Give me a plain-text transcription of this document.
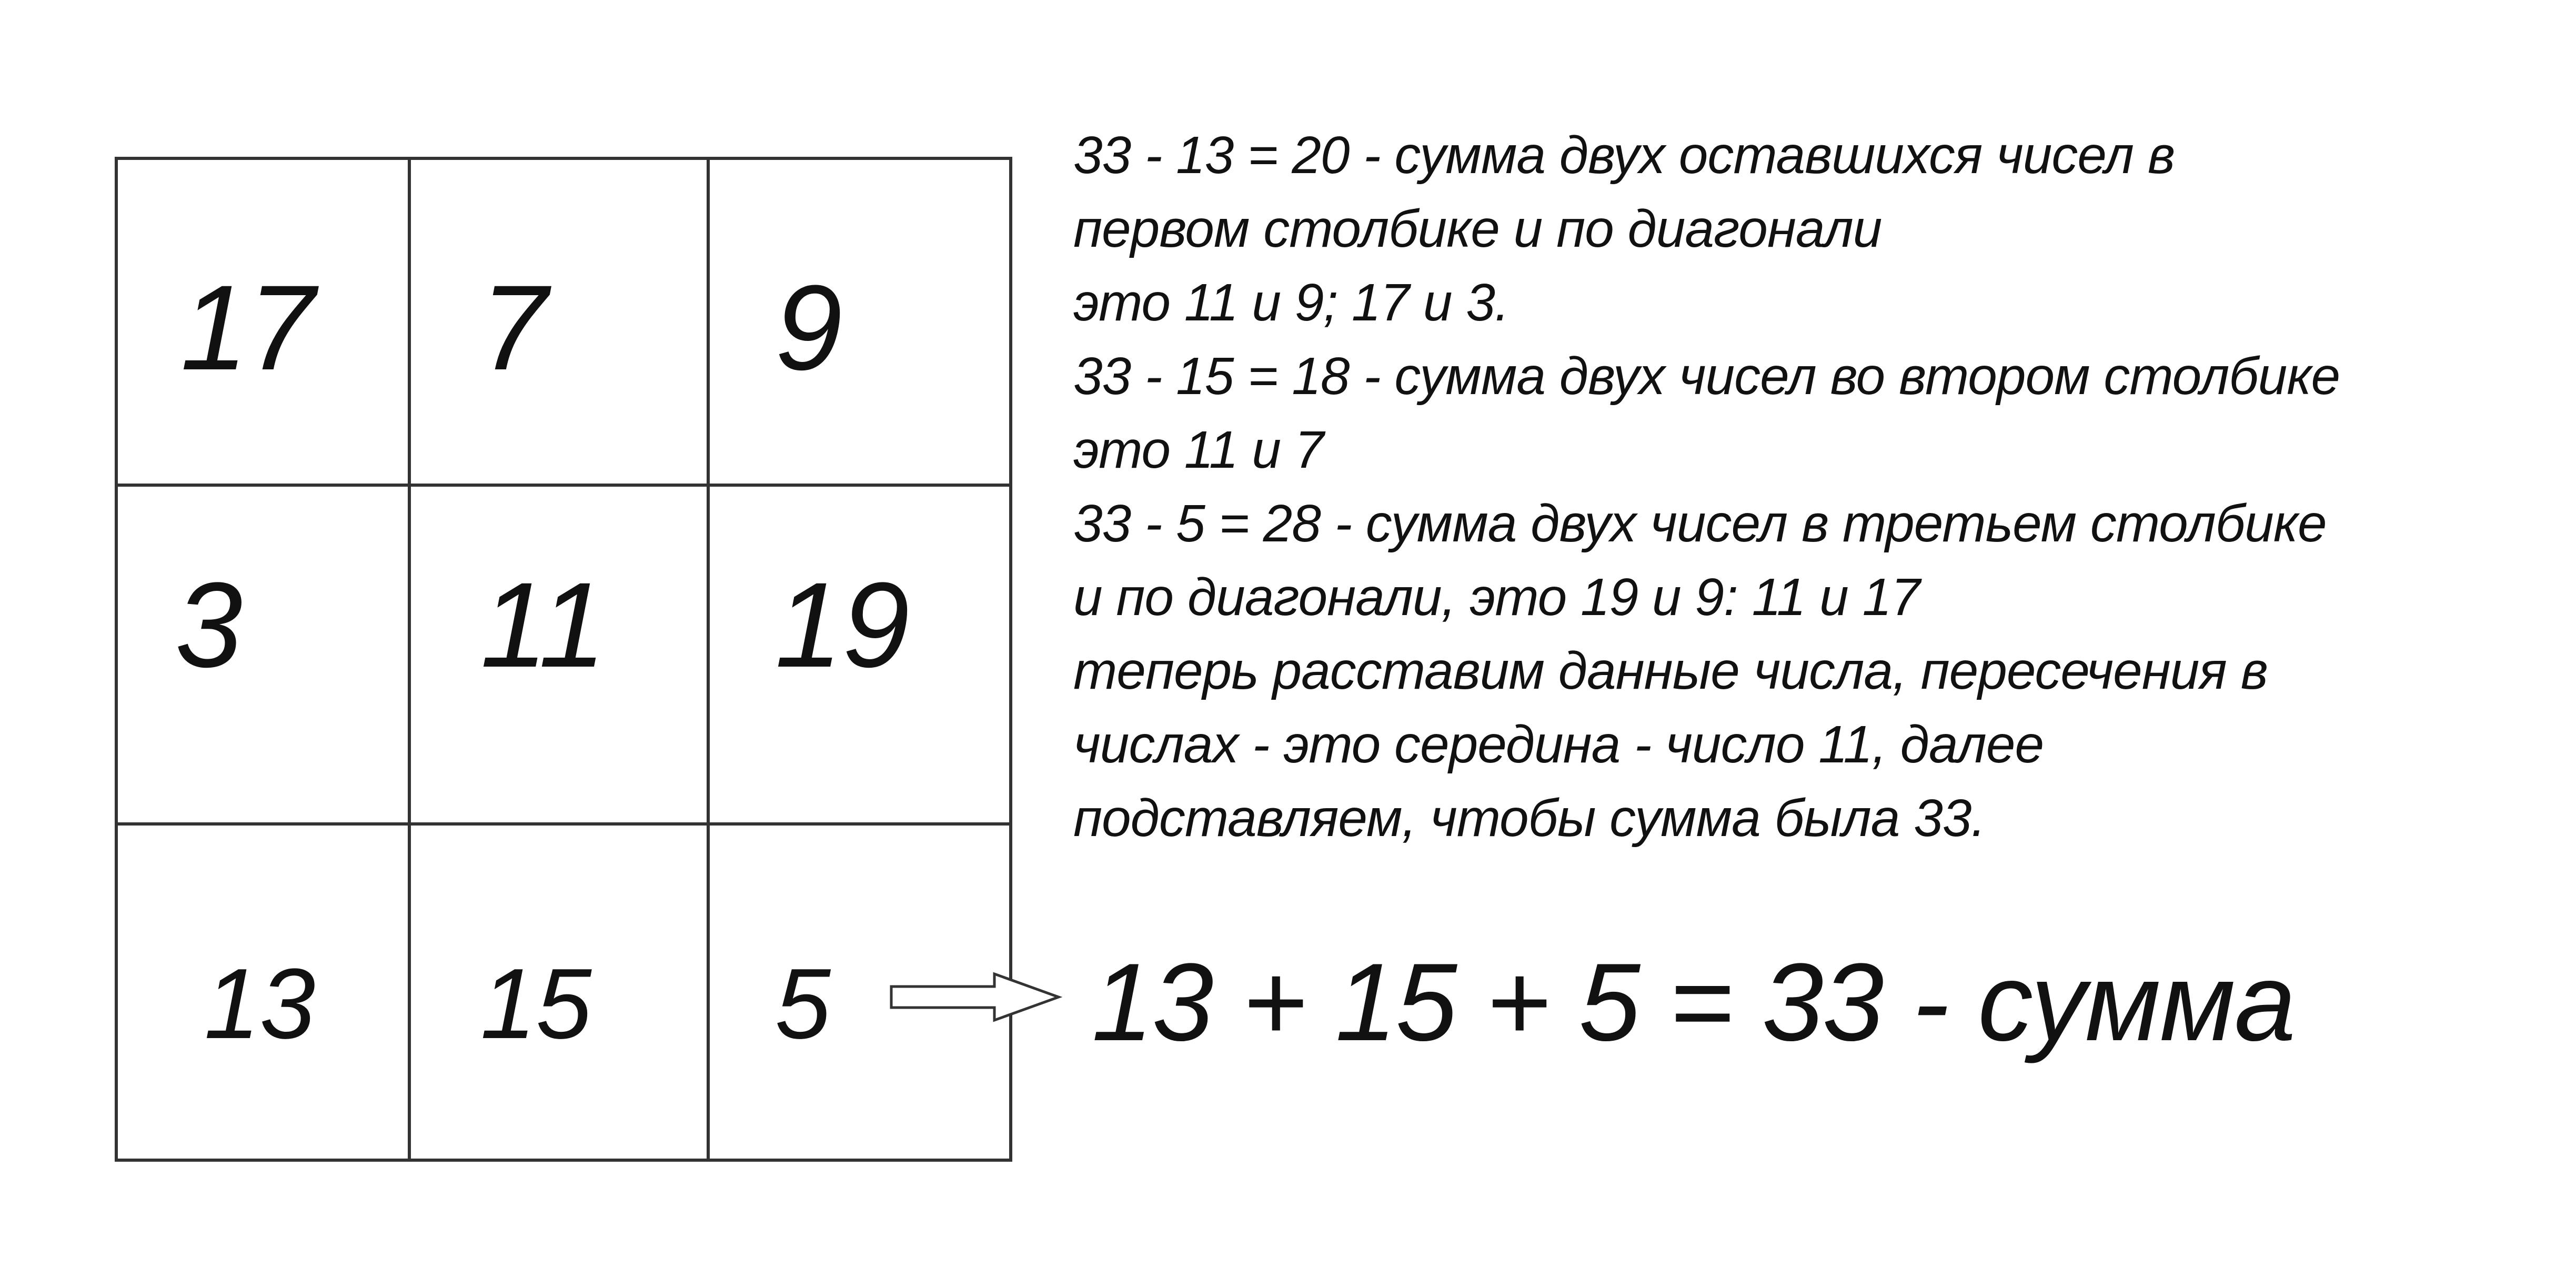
17 7 9
3 11 19
13 15 5
33 - 13 = 20 - сумма двух оставшихся чисел в
первом столбике и по диагонали
это 11 и 9; 17 и 3.
33 - 15 = 18 - сумма двух чисел во втором столбике
это 11 и 7
33 - 5 = 28 - сумма двух чисел в третьем столбике
и по диагонали, это 19 и 9: 11 и 17
теперь расставим данные числа, пересечения в
числах - это середина - число 11, далее
подставляем, чтобы сумма была 33.
13 + 15 + 5 = 33 - сумма
